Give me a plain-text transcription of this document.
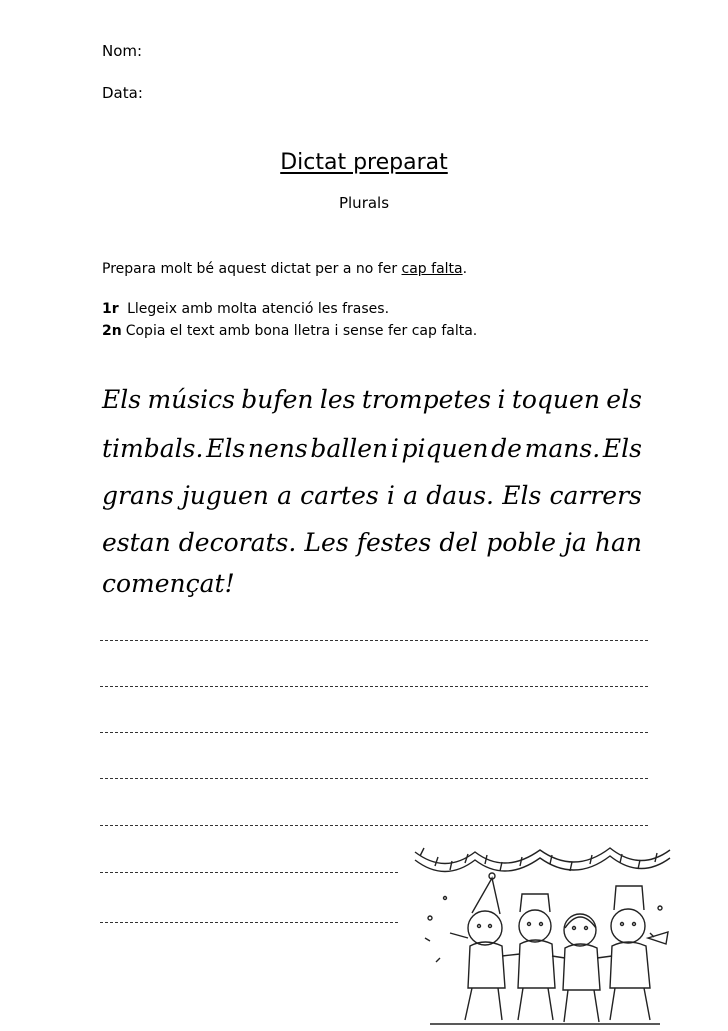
Nom:
Data:
Dictat preparat
Plurals
Prepara molt bé aquest dictat per a no fer cap falta.
1r Llegeix amb molta atenció les frases.
2n Copia el text amb bona lletra i sense fer cap falta.
Els músics bufen les trompetes i toquen els
timbals. Els nens ballen i piquen de mans. Els
grans juguen a cartes i a daus. Els carrers
estan decorats. Les festes del poble ja han
començat!
